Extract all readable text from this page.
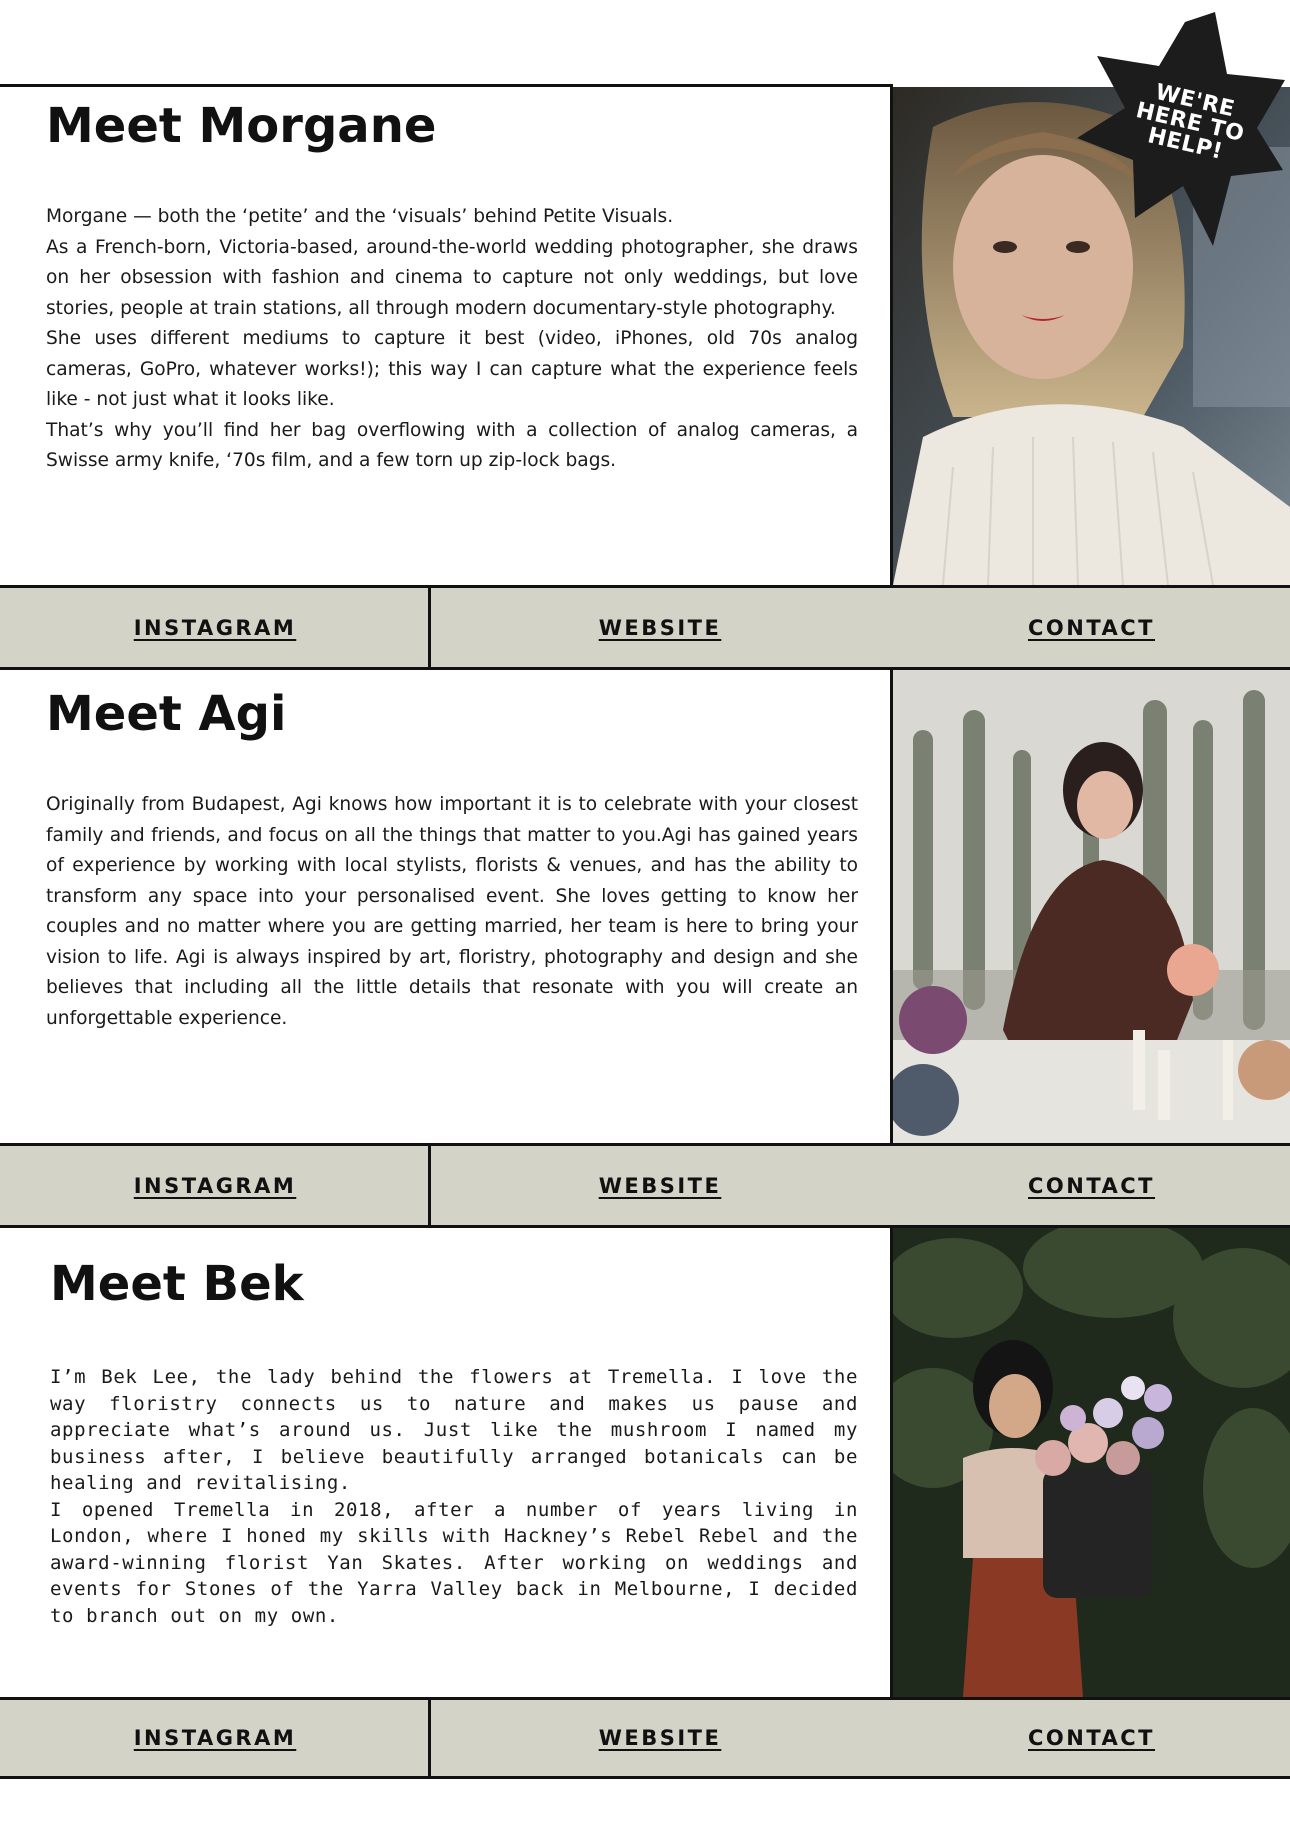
Meet Morgane

Morgane — both the ‘petite’ and the ‘visuals’ behind Petite Visuals.

As a French-born, Victoria-based, around-the-world wedding photographer, she draws on her obsession with fashion and cinema to capture not only weddings, but love stories, people at train stations, all through modern documentary-style photography.

She uses different mediums to capture it best (video, iPhones, old 70s analog cameras, GoPro, whatever works!); this way I can capture what the experience feels like - not just what it looks like.

That’s why you’ll find her bag overflowing with a collection of analog cameras, a Swisse army knife, ‘70s film, and a few torn up zip-lock bags.

INSTAGRAM	WEBSITE	CONTACT
Meet Agi

Originally from Budapest, Agi knows how important it is to celebrate with your closest family and friends, and focus on all the things that matter to you.Agi has gained years of experience by working with local stylists, florists & venues, and has the ability to transform any space into your personalised event. She loves getting to know her couples and no matter where you are getting married, her team is here to bring your vision to life. Agi is always inspired by art, floristry, photography and design and she believes that including all the little details that resonate with you will create an unforgettable experience.

INSTAGRAM	WEBSITE	CONTACT
Meet Bek

I’m Bek Lee, the lady behind the flowers at Tremella. I love the way floristry connects us to nature and makes us pause and appreciate what’s around us. Just like the mushroom I named my business after, I believe beautifully arranged botanicals can be healing and revitalising.

I opened Tremella in 2018, after a number of years living in London, where I honed my skills with Hackney’s Rebel Rebel and the award-winning florist Yan Skates. After working on weddings and events for Stones of the Yarra Valley back in Melbourne, I decided to branch out on my own.

INSTAGRAM	WEBSITE	CONTACT
WE'RE HERE TO HELP!
